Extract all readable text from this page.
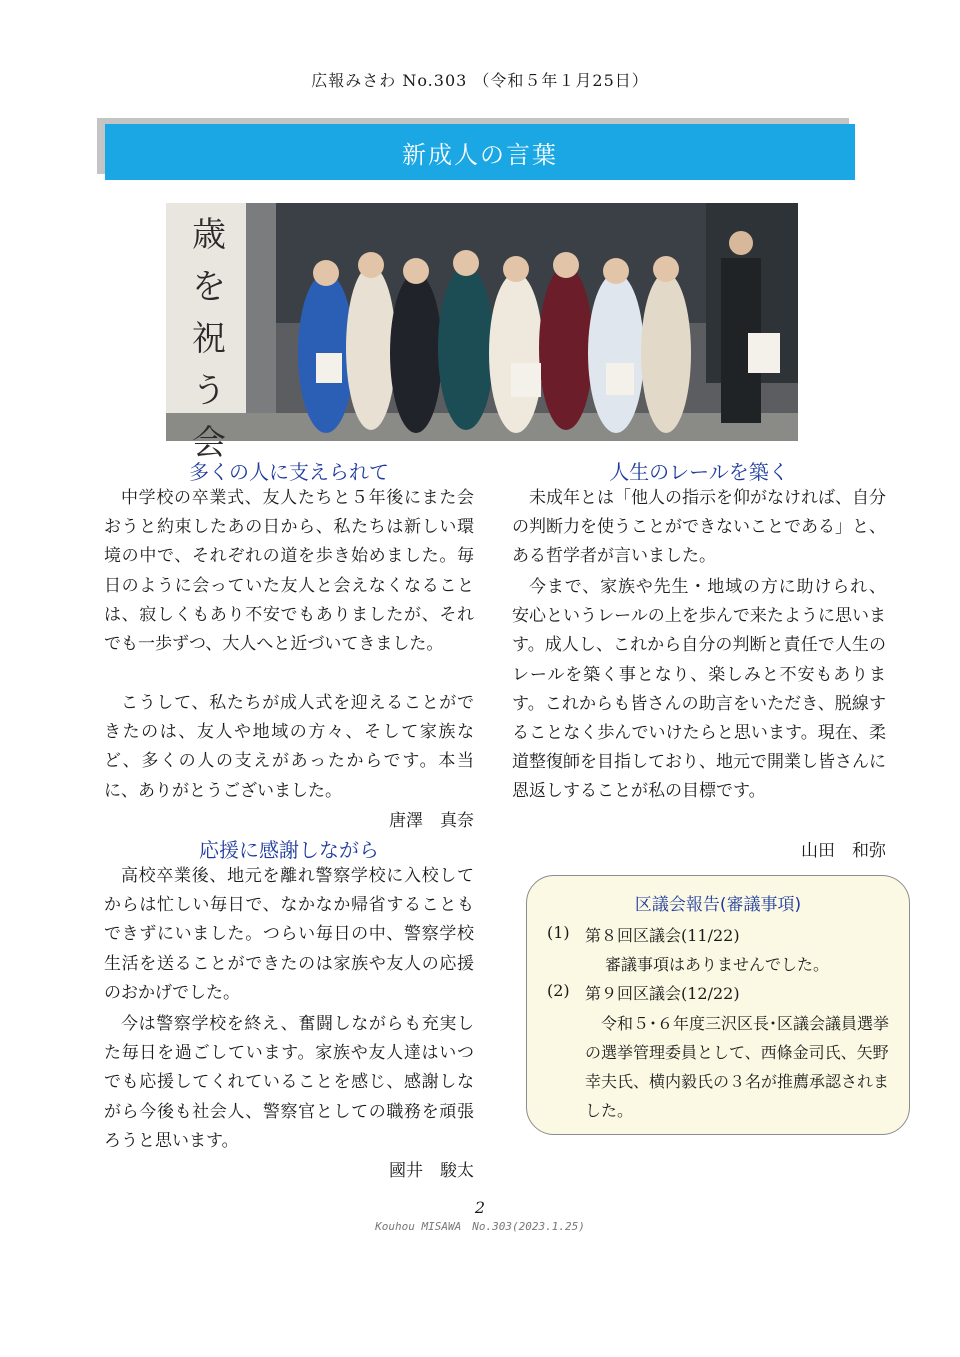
広報みさわ No.303 （令和５年１月25日）
新成人の言葉
歳を祝う会
多くの人に支えられて

中学校の卒業式、友人たちと５年後にまた会おうと約束したあの日から、私たちは新しい環境の中で、それぞれの道を歩き始めました。毎日のように会っていた友人と会えなくなることは、寂しくもあり不安でもありましたが、それでも一歩ずつ、大人へと近づいてきました。

こうして、私たちが成人式を迎えることができたのは、友人や地域の方々、そして家族など、多くの人の支えがあったからです。本当に、ありがとうございました。

唐澤　真奈
応援に感謝しながら

高校卒業後、地元を離れ警察学校に入校してからは忙しい毎日で、なかなか帰省することもできずにいました。つらい毎日の中、警察学校生活を送ることができたのは家族や友人の応援のおかげでした。

今は警察学校を終え、奮闘しながらも充実した毎日を過ごしています。家族や友人達はいつでも応援してくれていることを感じ、感謝しながら今後も社会人、警察官としての職務を頑張ろうと思います。

國井　駿太
人生のレールを築く

未成年とは「他人の指示を仰がなければ、自分の判断力を使うことができないことである」と、ある哲学者が言いました。

今まで、家族や先生・地域の方に助けられ、安心というレールの上を歩んで来たように思います。成人し、これから自分の判断と責任で人生のレールを築く事となり、楽しみと不安もあります。これからも皆さんの助言をいただき、脱線することなく歩んでいけたらと思います。現在、柔道整復師を目指しており、地元で開業し皆さんに恩返しすることが私の目標です。

山田　和弥
区議会報告(審議事項)
(1) 第８回区議会(11/22)
審議事項はありませんでした。
(2) 第９回区議会(12/22)
令和５･６年度三沢区長･区議会議員選挙の選挙管理委員として、西條金司氏、矢野幸夫氏、横内毅氏の３名が推薦承認されました。
2
Kouhou MISAWA　No.303(2023.1.25)
